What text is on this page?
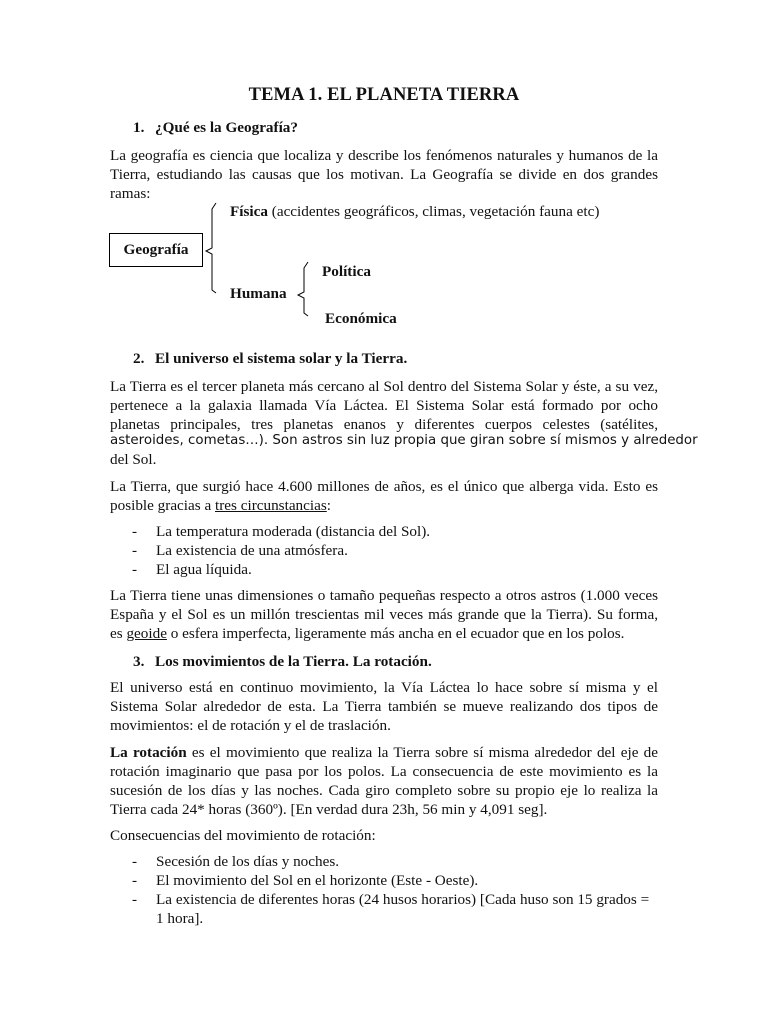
TEMA 1. EL PLANETA TIERRA
1. ¿Qué es la Geografía?
La geografía es ciencia que localiza y describe los fenómenos naturales y humanos de la
Tierra, estudiando las causas que los motivan. La Geografía se divide en dos grandes
ramas:
Física (accidentes geográficos, climas, vegetación fauna etc)
Geografía
Política
Humana
Económica
2. El universo el sistema solar y la Tierra.
La Tierra es el tercer planeta más cercano al Sol dentro del Sistema Solar y éste, a su vez,
pertenece a la galaxia llamada Vía Láctea. El Sistema Solar está formado por ocho
planetas principales, tres planetas enanos y diferentes cuerpos celestes (satélites,
asteroides, cometas…). Son astros sin luz propia que giran sobre sí mismos y alrededor
del Sol.
La Tierra, que surgió hace 4.600 millones de años, es el único que alberga vida. Esto es
posible gracias a tres circunstancias:
- La temperatura moderada (distancia del Sol).
- La existencia de una atmósfera.
- El agua líquida.
La Tierra tiene unas dimensiones o tamaño pequeñas respecto a otros astros (1.000 veces
España y el Sol es un millón trescientas mil veces más grande que la Tierra). Su forma,
es geoide o esfera imperfecta, ligeramente más ancha en el ecuador que en los polos.
3. Los movimientos de la Tierra. La rotación.
El universo está en continuo movimiento, la Vía Láctea lo hace sobre sí misma y el
Sistema Solar alrededor de esta. La Tierra también se mueve realizando dos tipos de
movimientos: el de rotación y el de traslación.
La rotación es el movimiento que realiza la Tierra sobre sí misma alrededor del eje de
rotación imaginario que pasa por los polos. La consecuencia de este movimiento es la
sucesión de los días y las noches. Cada giro completo sobre su propio eje lo realiza la
Tierra cada 24* horas (360º). [En verdad dura 23h, 56 min y 4,091 seg].
Consecuencias del movimiento de rotación:
- Secesión de los días y noches.
- El movimiento del Sol en el horizonte (Este - Oeste).
- La existencia de diferentes horas (24 husos horarios) [Cada huso son 15 grados =
1 hora].
